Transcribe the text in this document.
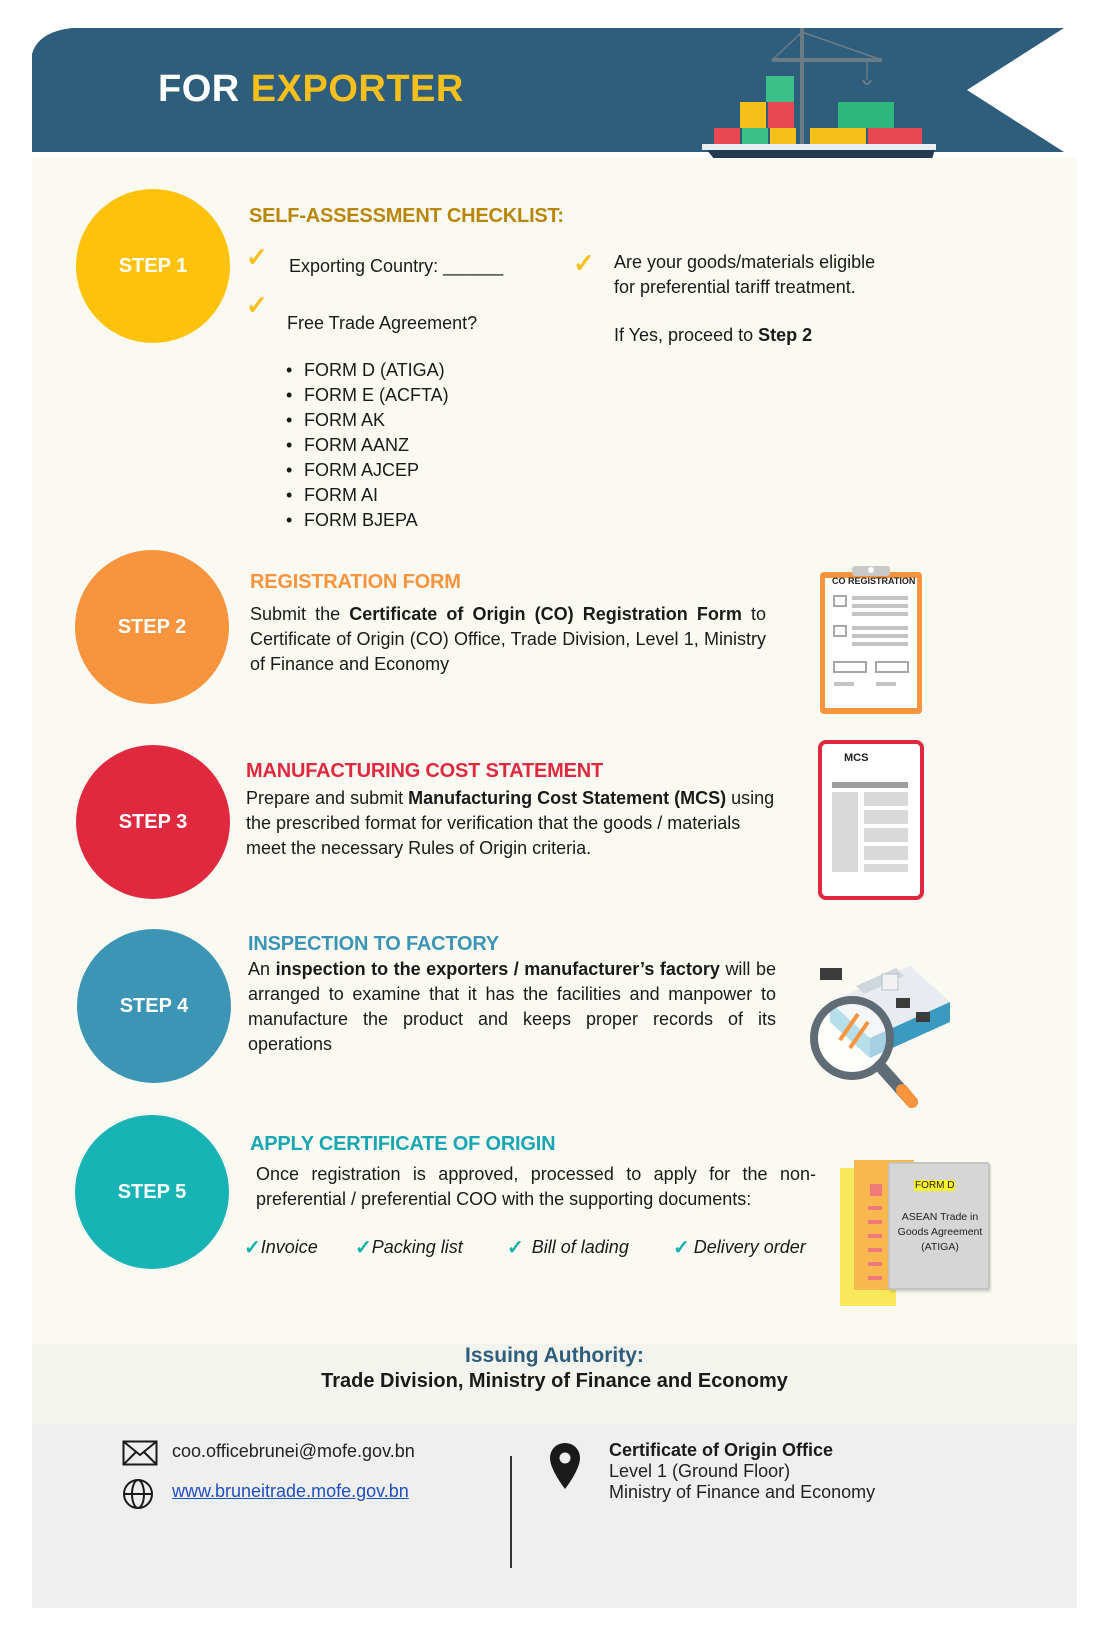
FOR EXPORTER
STEP 1
SELF-ASSESSMENT CHECKLIST:
✓ Exporting Country: ______
✓
Free Trade Agreement?
• FORM D (ATIGA)
• FORM E (ACFTA)
• FORM AK
• FORM AANZ
• FORM AJCEP
• FORM AI
• FORM BJEPA
✓ Are your goods/materials eligible
for preferential tariff treatment.
If Yes, proceed to Step 2
STEP 2
REGISTRATION FORM
Submit the Certificate of Origin (CO) Registration Form to Certificate of Origin (CO) Office, Trade Division, Level 1, Ministry of Finance and Economy
CO REGISTRATION
STEP 3
MANUFACTURING COST STATEMENT
Prepare and submit Manufacturing Cost Statement (MCS) using the prescribed format for verification that the goods / materials meet the necessary Rules of Origin criteria.
MCS
STEP 4
INSPECTION TO FACTORY
An inspection to the exporters / manufacturer’s factory will be arranged to examine that it has the facilities and manpower to manufacture the product and keeps proper records of its operations
STEP 5
APPLY CERTIFICATE OF ORIGIN
Once registration is approved, processed to apply for the non-preferential / preferential COO with the supporting documents:
✓ Invoice ✓ Packing list ✓ Bill of lading ✓ Delivery order
FORM D
ASEAN Trade in Goods Agreement (ATIGA)
Issuing Authority:
Trade Division, Ministry of Finance and Economy
coo.officebrunei@mofe.gov.bn
www.bruneitrade.mofe.gov.bn
Certificate of Origin Office
Level 1 (Ground Floor)
Ministry of Finance and Economy
